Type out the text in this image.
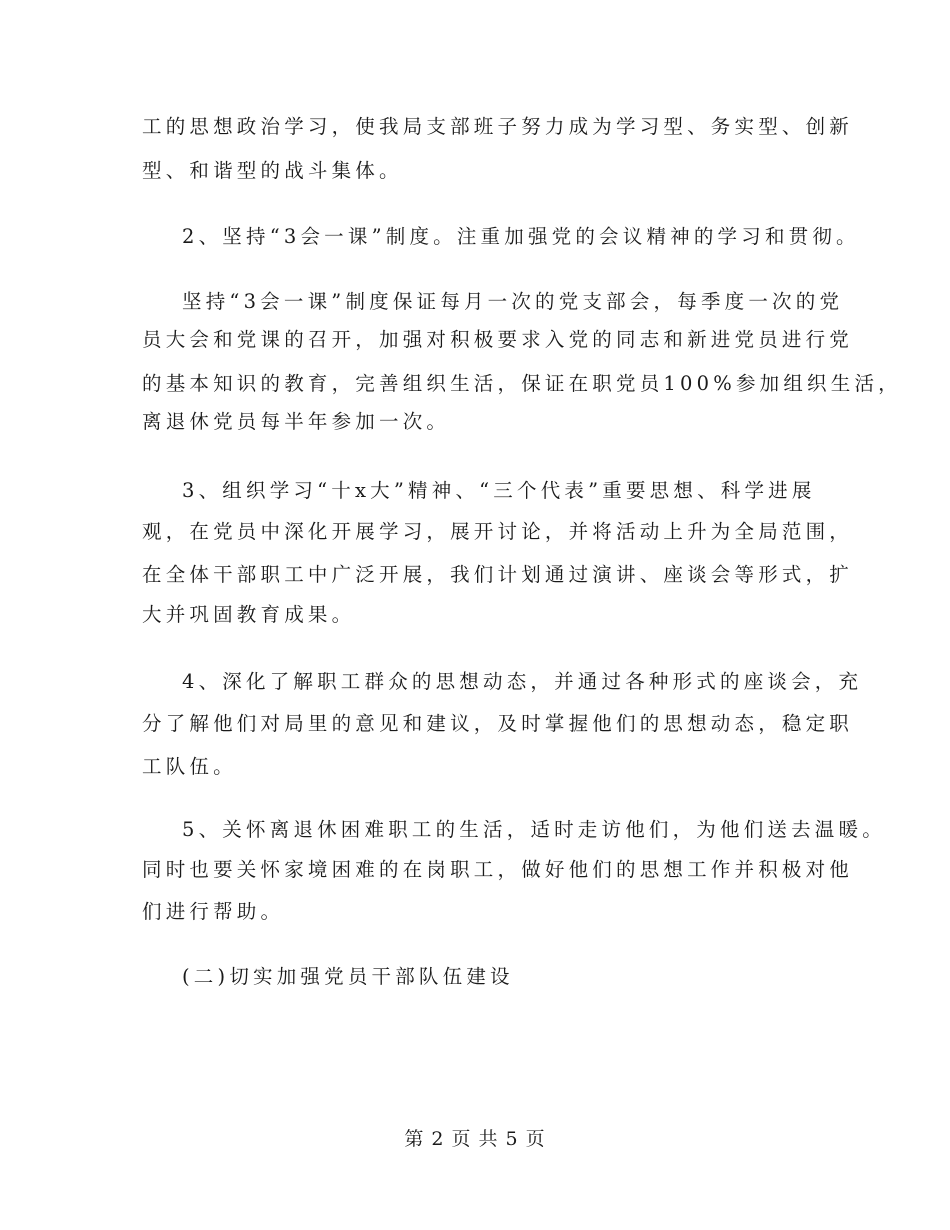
工的思想政治学习，使我局支部班子努力成为学习型、务实型、创新
型、和谐型的战斗集体。
2、坚持“3会一课”制度。注重加强党的会议精神的学习和贯彻。
坚持“3会一课”制度保证每月一次的党支部会，每季度一次的党
员大会和党课的召开，加强对积极要求入党的同志和新进党员进行党
的基本知识的教育，完善组织生活，保证在职党员100%参加组织生活，
离退休党员每半年参加一次。
3、组织学习“十x大”精神、“三个代表”重要思想、科学进展
观，在党员中深化开展学习，展开讨论，并将活动上升为全局范围，
在全体干部职工中广泛开展，我们计划通过演讲、座谈会等形式，扩
大并巩固教育成果。
4、深化了解职工群众的思想动态，并通过各种形式的座谈会，充
分了解他们对局里的意见和建议，及时掌握他们的思想动态，稳定职
工队伍。
5、关怀离退休困难职工的生活，适时走访他们，为他们送去温暖。
同时也要关怀家境困难的在岗职工，做好他们的思想工作并积极对他
们进行帮助。
(二)切实加强党员干部队伍建设
第 2 页 共 5 页
